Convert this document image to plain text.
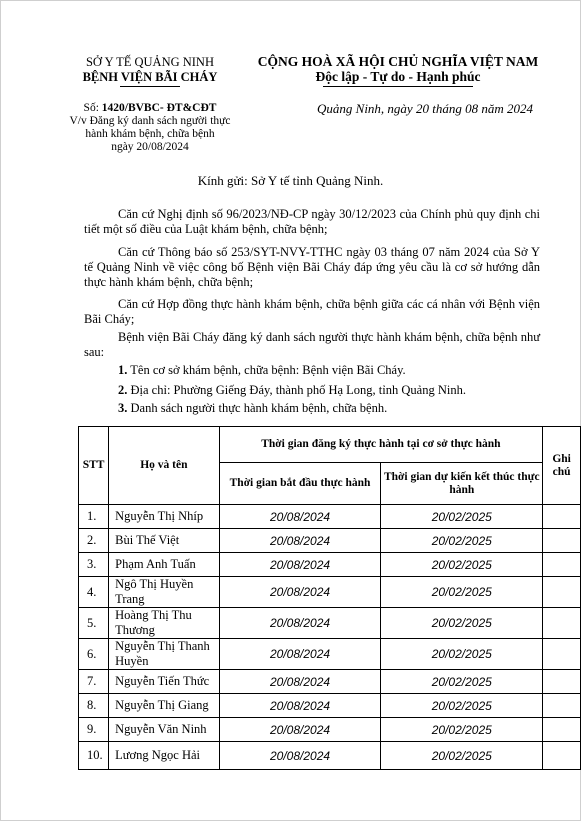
SỞ Y TẾ QUẢNG NINH
BỆNH VIỆN BÃI CHÁY
CỘNG HOÀ XÃ HỘI CHỦ NGHĨA VIỆT NAM
Độc lập - Tự do - Hạnh phúc
Số: 1420/BVBC- ĐT&CĐT
V/v Đăng ký danh sách người thực
hành khám bệnh, chữa bệnh
ngày 20/08/2024
Quảng Ninh, ngày 20 tháng 08 năm 2024
Kính gửi: Sở Y tế tỉnh Quảng Ninh.
Căn cứ Nghị định số 96/2023/NĐ-CP ngày 30/12/2023 của Chính phủ quy định chi tiết một số điều của Luật khám bệnh, chữa bệnh;
Căn cứ Thông báo số 253/SYT-NVY-TTHC ngày 03 tháng 07 năm 2024 của Sở Y tế Quảng Ninh về việc công bố Bệnh viện Bãi Cháy đáp ứng yêu cầu là cơ sở hướng dẫn thực hành khám bệnh, chữa bệnh;
Căn cứ Hợp đồng thực hành khám bệnh, chữa bệnh giữa các cá nhân với Bệnh viện Bãi Cháy;
Bệnh viện Bãi Cháy đăng ký danh sách người thực hành khám bệnh, chữa bệnh như sau:
1. Tên cơ sở khám bệnh, chữa bệnh: Bệnh viện Bãi Cháy.
2. Địa chỉ: Phường Giếng Đáy, thành phố Hạ Long, tỉnh Quảng Ninh.
3. Danh sách người thực hành khám bệnh, chữa bệnh.
STT	Họ và tên	Thời gian đăng ký thực hành tại cơ sở thực hành		Ghi chú
		Thời gian bắt đầu thực hành	Thời gian dự kiến kết thúc thực hành	
1.	Nguyễn Thị Nhíp	20/08/2024	20/02/2025	
2.	Bùi Thế Việt	20/08/2024	20/02/2025	
3.	Phạm Anh Tuấn	20/08/2024	20/02/2025	
4.	Ngô Thị Huyền Trang	20/08/2024	20/02/2025	
5.	Hoàng Thị Thu Thương	20/08/2024	20/02/2025	
6.	Nguyễn Thị Thanh Huyền	20/08/2024	20/02/2025	
7.	Nguyễn Tiến Thức	20/08/2024	20/02/2025	
8.	Nguyễn Thị Giang	20/08/2024	20/02/2025	
9.	Nguyễn Văn Ninh	20/08/2024	20/02/2025	
10.	Lương Ngọc Hải	20/08/2024	20/02/2025	
